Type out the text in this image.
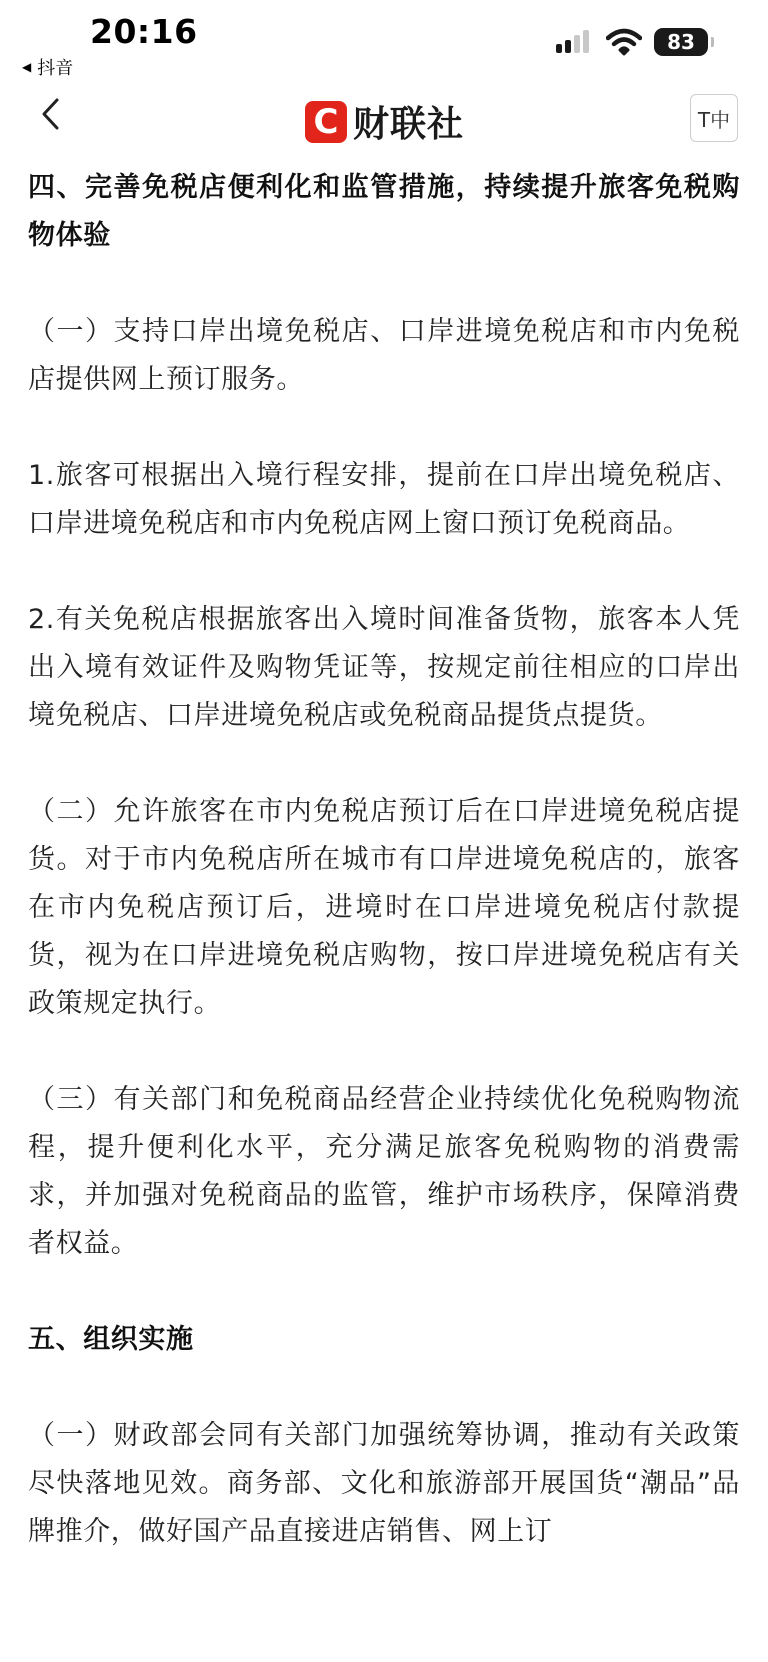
20:16
◀ 抖音
83
C 财联社	T中

四、完善免税店便利化和监管措施，持续提升旅客免税购物体验

（一）支持口岸出境免税店、口岸进境免税店和市内免税店提供网上预订服务。

1.旅客可根据出入境行程安排，提前在口岸出境免税店、口岸进境免税店和市内免税店网上窗口预订免税商品。

2.有关免税店根据旅客出入境时间准备货物，旅客本人凭出入境有效证件及购物凭证等，按规定前往相应的口岸出境免税店、口岸进境免税店或免税商品提货点提货。

（二）允许旅客在市内免税店预订后在口岸进境免税店提货。对于市内免税店所在城市有口岸进境免税店的，旅客在市内免税店预订后，进境时在口岸进境免税店付款提货，视为在口岸进境免税店购物，按口岸进境免税店有关政策规定执行。

（三）有关部门和免税商品经营企业持续优化免税购物流程，提升便利化水平，充分满足旅客免税购物的消费需求，并加强对免税商品的监管，维护市场秩序，保障消费者权益。

五、组织实施

（一）财政部会同有关部门加强统筹协调，推动有关政策尽快落地见效。商务部、文化和旅游部开展国货“潮品”品牌推介，做好国产品直接进店销售、网上订
